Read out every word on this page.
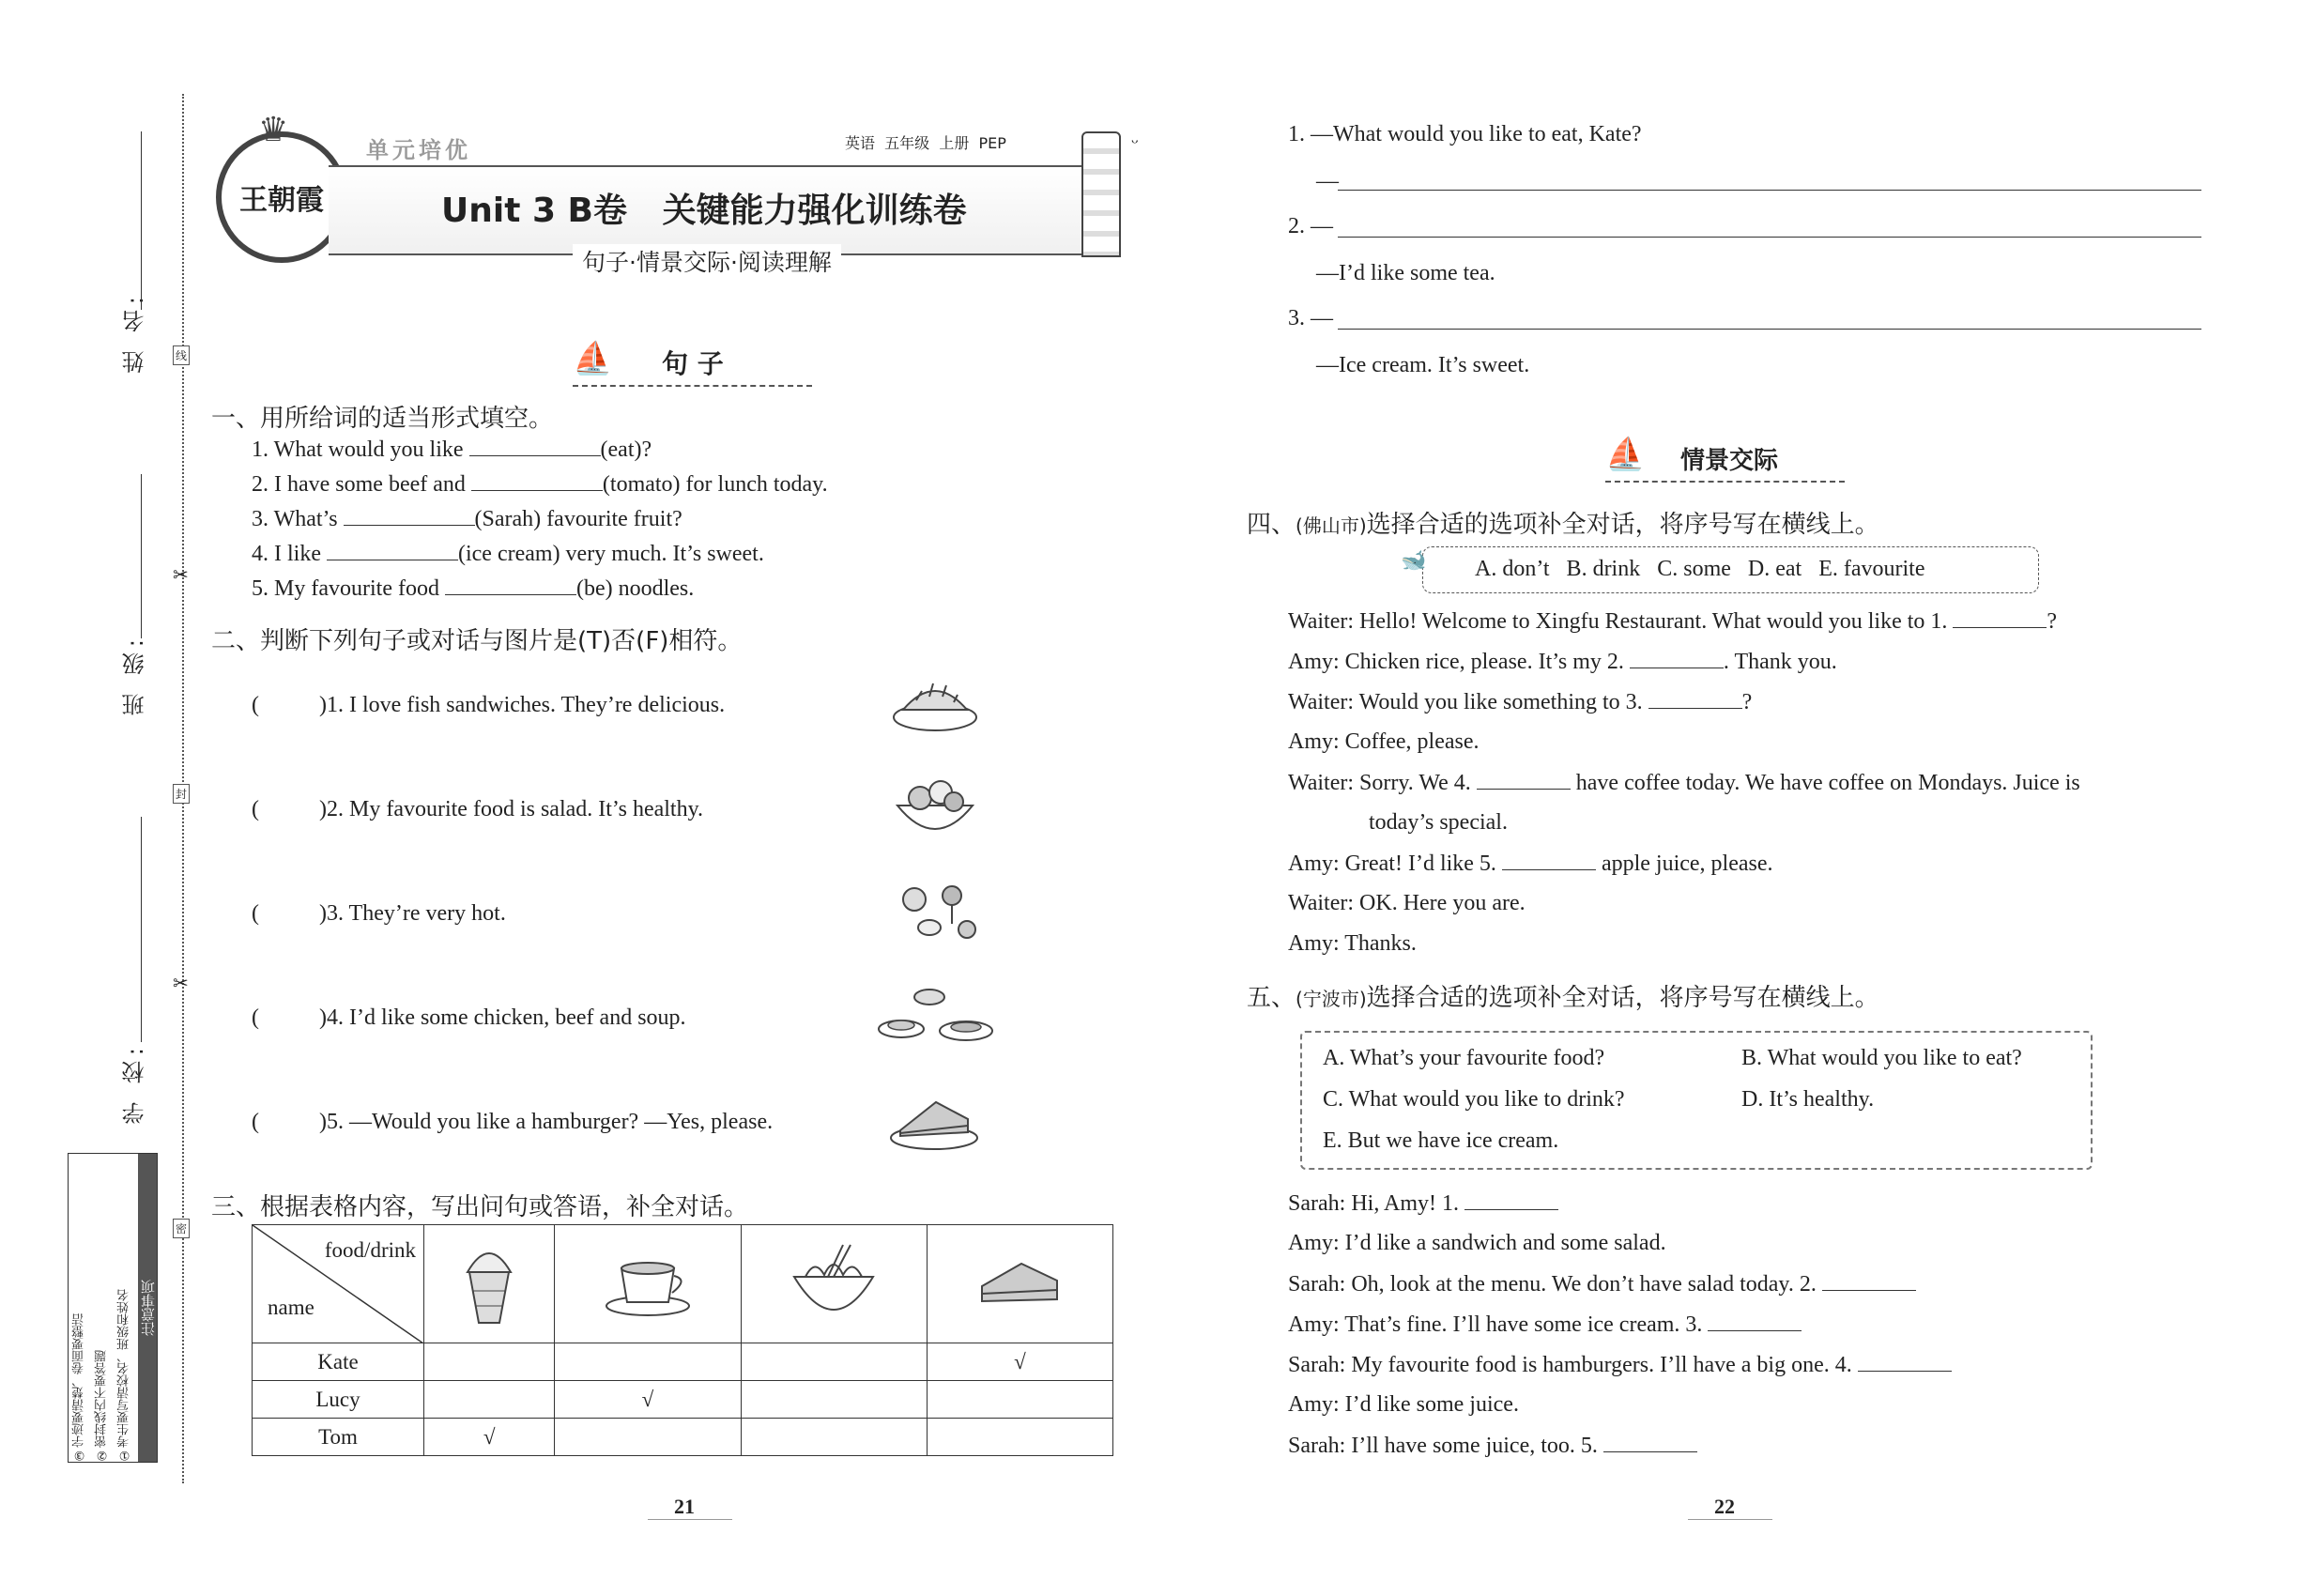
线
封
密
✂
✂
姓 名:
班 级:
学 校:
注意事项
①考生要写清校名、班级和姓名
②密封线内不要答题
③字迹要清楚、卷面要整洁
王朝霞
♛
单元培优	英语  五年级  上册  PEP
Unit 3 B卷   关键能力强化训练卷
句子·情景交际·阅读理解
ᵕ
⛵ 句 子
一、用所给词的适当形式填空。
1. What would you like	(eat)?
2. I have some beef and	(tomato) for lunch today.
3. What’s	(Sarah) favourite fruit?
4. I like	(ice cream) very much. It’s sweet.
5. My favourite food	(be) noodles.
二、判断下列句子或对话与图片是(T)否(F)相符。
(	)1. I love fish sandwiches. They’re delicious.
(	)2. My favourite food is salad. It’s healthy.
(	)3. They’re very hot.
(	)4. I’d like some chicken, beef and soup.
(	)5. —Would you like a hamburger? —Yes, please.
三、根据表格内容，写出问句或答语，补全对话。
food/drink
name

Kate				√
Lucy		√		
Tom	√			
21
1. —What would you like to eat, Kate?
—
2. —
—I’d like some tea.
3. —
—Ice cream. It’s sweet.
⛵ 情景交际
四、(佛山市)选择合适的选项补全对话，将序号写在横线上。
🐋 A. don’t   B. drink   C. some   D. eat   E. favourite
Waiter: Hello! Welcome to Xingfu Restaurant. What would you like to 1.	?
Amy: Chicken rice, please. It’s my 2.	. Thank you.
Waiter: Would you like something to 3.	?
Amy: Coffee, please.
Waiter: Sorry. We 4.	have coffee today. We have coffee on Mondays. Juice is
today’s special.
Amy: Great! I’d like 5.	apple juice, please.
Waiter: OK. Here you are.
Amy: Thanks.
五、(宁波市)选择合适的选项补全对话，将序号写在横线上。
A. What’s your favourite food?	B. What would you like to eat?
C. What would you like to drink?	D. It’s healthy.
E. But we have ice cream.
Sarah: Hi, Amy! 1.
Amy: I’d like a sandwich and some salad.
Sarah: Oh, look at the menu. We don’t have salad today. 2.
Amy: That’s fine. I’ll have some ice cream. 3.
Sarah: My favourite food is hamburgers. I’ll have a big one. 4.
Amy: I’d like some juice.
Sarah: I’ll have some juice, too. 5.
22
